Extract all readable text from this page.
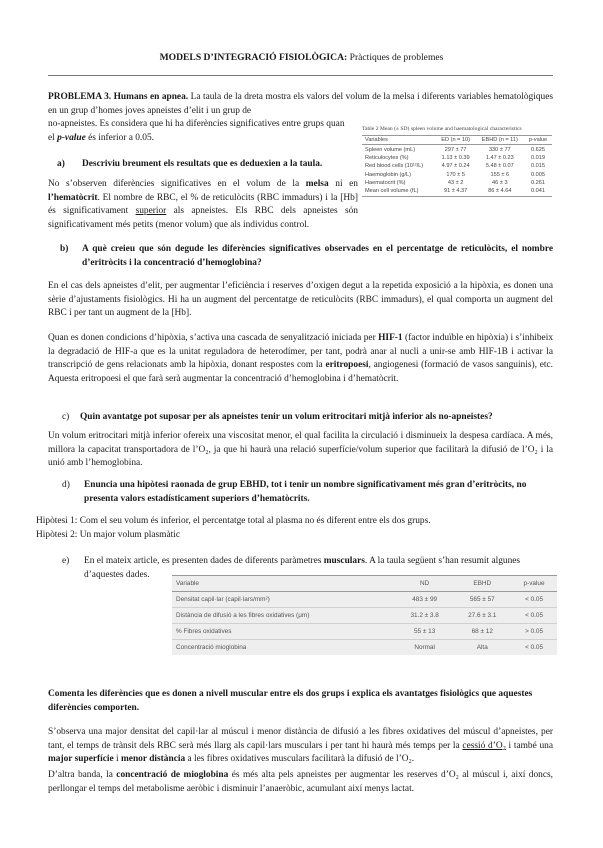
MODELS D’INTEGRACIÓ FISIOLÒGICA: Pràctiques de problemes
PROBLEMA 3. Humans en apnea. La taula de la dreta mostra els valors del volum de la melsa i diferents variables hematològiques en un grup d’homes joves apneistes d’elit i un grup de
no-apneistes. Es considera que hi ha diferències significatives entre grups quan el p-value és inferior a 0.05.
Table 2 Mean (± SD) spleen volume and haematological characteristics
Variables	ED (n = 10)	EBHD (n = 11)	p-value
Spleen volume (mL)	297 ± 77	330 ± 77	0.625
Reticulocytes (%)	1.13 ± 0.39	1.47 ± 0.23	0.019
Red blood cells (10¹²/L)	4.97 ± 0.24	5.48 ± 0.07	0.015
Haemoglobin (g/L)	170 ± 5	155 ± 6	0.005
Haematocrit (%)	43 ± 2	46 ± 3	0.261
Mean cell volume (fL)	91 ± 4.37	86 ± 4.64	0.041
a) Descriviu breument els resultats que es deduexien a la taula.
No s’observen diferències significatives en el volum de la melsa ni en l’hematòcrit. El nombre de RBC, el % de reticulòcits (RBC immadurs) i la [Hb] és significativament superior als apneistes. Els RBC dels apneistes són significativament més petits (menor volum) que als individus control.
b)	A què creieu que són degude les diferències significatives observades en el percentatge de reticulòcits, el nombre d’eritròcits i la concentració d’hemoglobina?
En el cas dels apneistes d’elit, per augmentar l’eficiència i reserves d’oxigen degut a la repetida exposició a la hipòxia, es donen una sèrie d’ajustaments fisiològics. Hi ha un augment del percentatge de reticulòcits (RBC immadurs), el qual comporta un augment del RBC i per tant un augment de la [Hb].
Quan es donen condicions d’hipòxia, s’activa una cascada de senyalització iniciada per HIF-1 (factor induïble en hipòxia) i s’inhibeix la degradació de HIF-a que es la unitat reguladora de heterodímer, per tant, podrà anar al nucli a unir-se amb HIF-1B i activar la transcripció de gens relacionats amb la hipòxia, donant respostes com la eritropoesi, angiogenesi (formació de vasos sanguinis), etc. Aquesta eritropoesi el que farà serà augmentar la concentració d’hemoglobina i d’hematòcrit.
c) Quin avantatge pot suposar per als apneistes tenir un volum eritrocitari mitjà inferior als no-apneistes?
Un volum eritrocitari mitjà inferior ofereix una viscositat menor, el qual facilita la circulació i disminueix la despesa cardíaca. A més, millora la capacitat transportadora de l’O₂, ja que hi haurà una relació superfície/volum superior que facilitarà la difusió de l’O₂ i la unió amb l’hemoglobina.
d)	Enuncia una hipòtesi raonada de grup EBHD, tot i tenir un nombre significativament més gran d’eritròcits, no presenta valors estadísticament superiors d’hematòcrits.
Hipòtesi 1: Com el seu volum és inferior, el percentatge total al plasma no és diferent entre els dos grups.
Hipòtesi 2: Un major volum plasmàtic
e)	En el mateix article, es presenten dades de diferents paràmetres musculars. A la taula següent s’han resumit algunes d’aquestes dades.
Variable	ND	EBHD	p-value
Densitat capil·lar (capil·lars/mm²)	483 ± 99	565 ± 57	< 0.05
Distància de difusió a les fibres oxidatives (μm)	31.2 ± 3.8	27.6 ± 3.1	< 0.05
% Fibres oxidatives	55 ± 13	68 ± 12	> 0.05
Concentració mioglobina	Normal	Alta	< 0.05
Comenta les diferències que es donen a nivell muscular entre els dos grups i explica els avantatges fisiològics que aquestes diferències comporten.
S’observa una major densitat del capil·lar al múscul i menor distància de difusió a les fibres oxidatives del múscul d’apneistes, per tant, el temps de trànsit dels RBC serà més llarg als capil·lars musculars i per tant hi haurà més temps per la cessió d’O₂ i també una major superfície i menor distància a les fibres oxidatives musculars facilitarà la difusió de l’O₂.
D’altra banda, la concentració de mioglobina és més alta pels apneistes per augmentar les reserves d’O₂ al múscul i, així doncs, perllongar el temps del metabolisme aeròbic i disminuir l’anaeròbic, acumulant així menys lactat.
